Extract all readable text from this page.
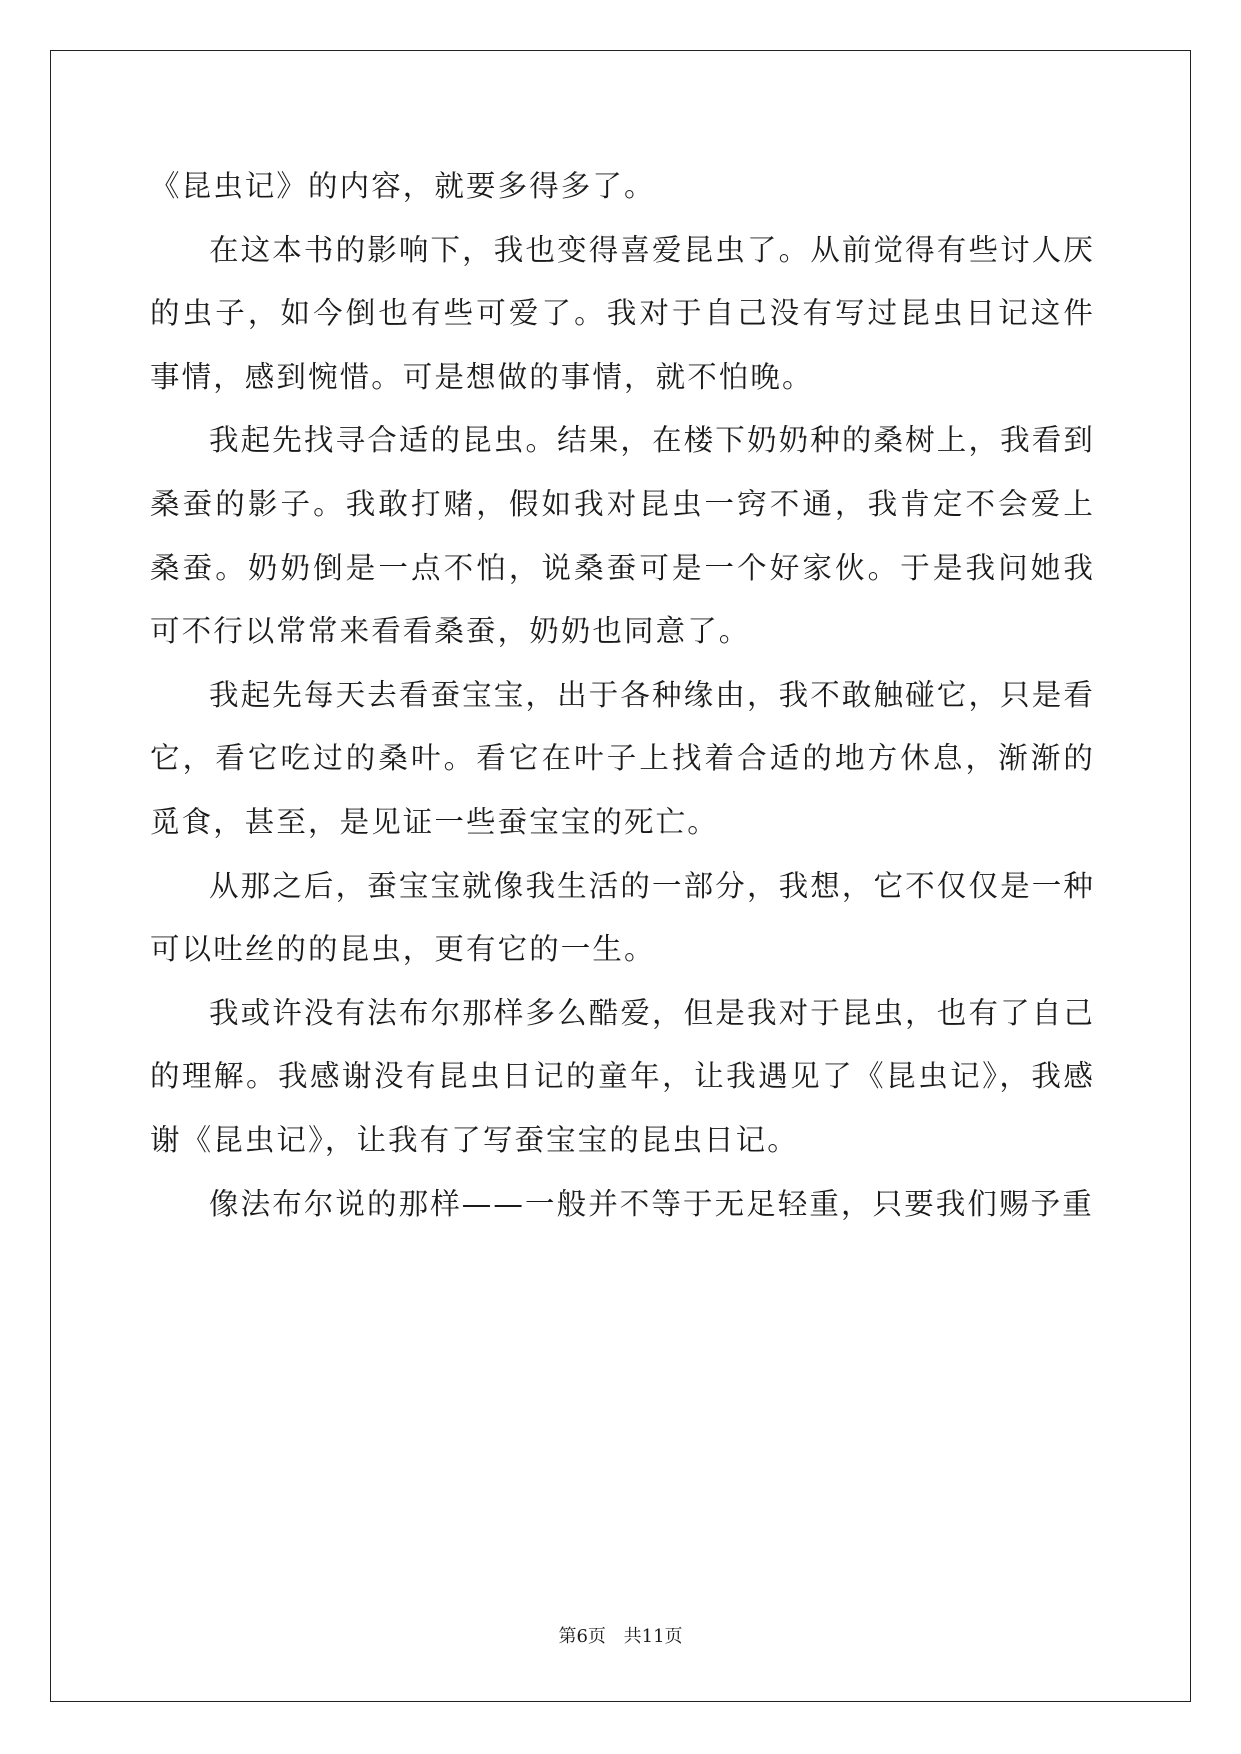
《昆虫记》的内容，就要多得多了。

在这本书的影响下，我也变得喜爱昆虫了。从前觉得有些讨人厌的虫子，如今倒也有些可爱了。我对于自己没有写过昆虫日记这件事情，感到惋惜。可是想做的事情，就不怕晚。

我起先找寻合适的昆虫。结果，在楼下奶奶种的桑树上，我看到桑蚕的影子。我敢打赌，假如我对昆虫一窍不通，我肯定不会爱上桑蚕。奶奶倒是一点不怕，说桑蚕可是一个好家伙。于是我问她我可不行以常常来看看桑蚕，奶奶也同意了。

我起先每天去看蚕宝宝，出于各种缘由，我不敢触碰它，只是看它，看它吃过的桑叶。看它在叶子上找着合适的地方休息，渐渐的觅食，甚至，是见证一些蚕宝宝的死亡。

从那之后，蚕宝宝就像我生活的一部分，我想，它不仅仅是一种可以吐丝的的昆虫，更有它的一生。

我或许没有法布尔那样多么酷爱，但是我对于昆虫，也有了自己的理解。我感谢没有昆虫日记的童年，让我遇见了《昆虫记》，我感谢《昆虫记》，让我有了写蚕宝宝的昆虫日记。

像法布尔说的那样——一般并不等于无足轻重，只要我们赐予重

第6页 共11页
